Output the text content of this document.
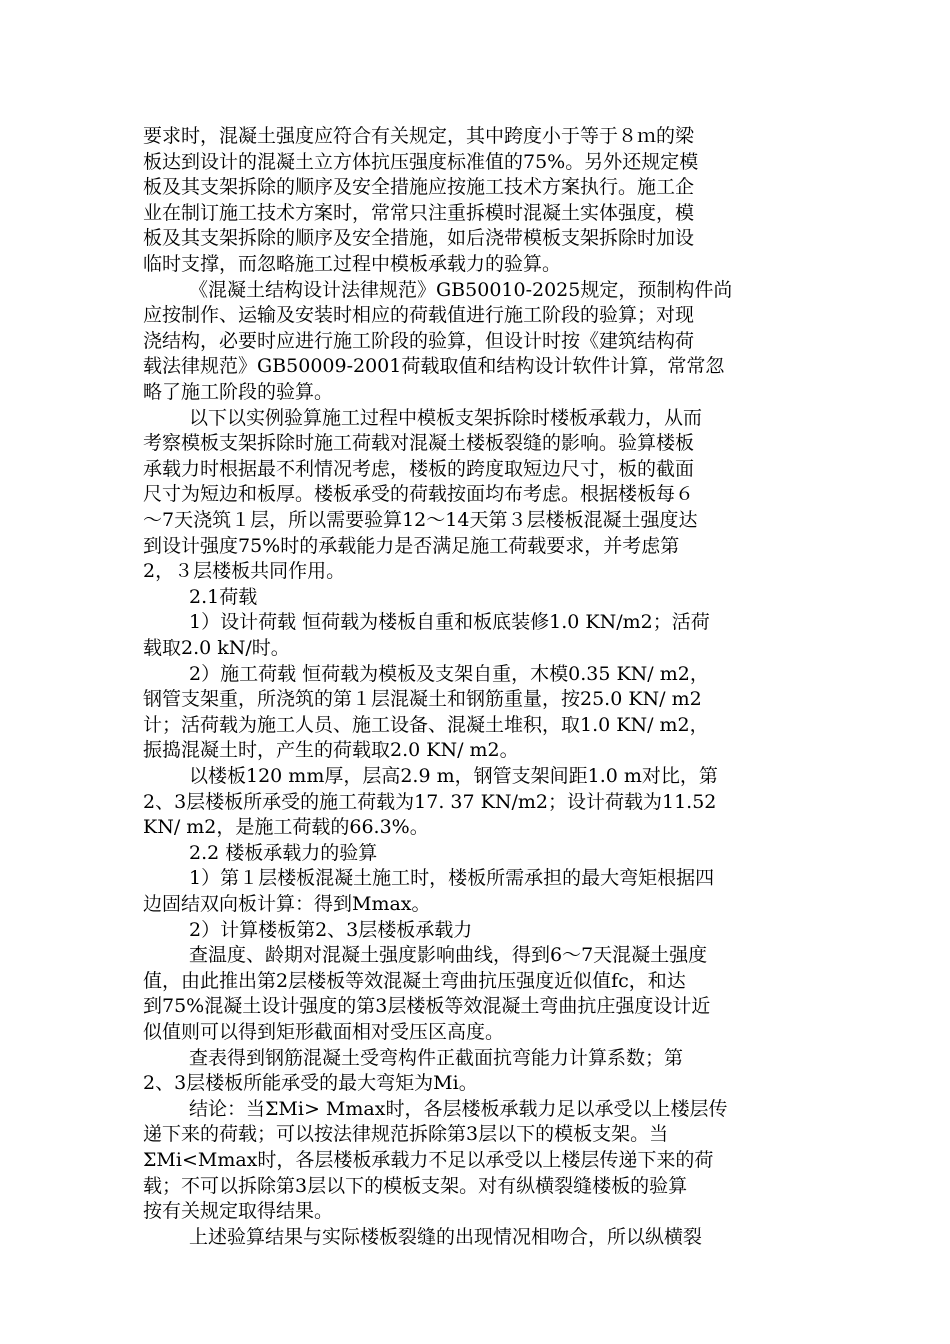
要求时，混凝土强度应符合有关规定，其中跨度小于等于８ｍ的梁
板达到设计的混凝土立方体抗压强度标准值的75%。另外还规定模
板及其支架拆除的顺序及安全措施应按施工技术方案执行。施工企
业在制订施工技术方案时，常常只注重拆模时混凝土实体强度，模
板及其支架拆除的顺序及安全措施，如后浇带模板支架拆除时加设
临时支撑，而忽略施工过程中模板承载力的验算。
《混凝土结构设计法律规范》GB50010-2025规定，预制构件尚
应按制作、运输及安装时相应的荷载值进行施工阶段的验算；对现
浇结构，必要时应进行施工阶段的验算，但设计时按《建筑结构荷
载法律规范》GB50009-2001荷载取值和结构设计软件计算，常常忽
略了施工阶段的验算。
以下以实例验算施工过程中模板支架拆除时楼板承载力，从而
考察模板支架拆除时施工荷载对混凝土楼板裂缝的影响。验算楼板
承载力时根据最不利情况考虑，楼板的跨度取短边尺寸，板的截面
尺寸为短边和板厚。楼板承受的荷载按面均布考虑。根据楼板每６
～7天浇筑１层，所以需要验算12～14天第３层楼板混凝土强度达
到设计强度75%时的承载能力是否满足施工荷载要求，并考虑第
2，３层楼板共同作用。
2.1荷载
1）设计荷载 恒荷载为楼板自重和板底装修1.0 KN/m2；活荷
载取2.0 kN/时。
2）施工荷载 恒荷载为模板及支架自重，木模0.35 KN/ m2，
钢管支架重，所浇筑的第１层混凝土和钢筋重量，按25.0 KN/ m2
计；活荷载为施工人员、施工设备、混凝土堆积，取1.0 KN/ m2，
振捣混凝土时，产生的荷载取2.0 KN/ m2。
以楼板120 mm厚，层高2.9 m，钢管支架间距1.0 m对比，第
2、3层楼板所承受的施工荷载为17. 37 KN/m2；设计荷载为11.52
KN/ m2，是施工荷载的66.3%。
2.2 楼板承载力的验算
1）第１层楼板混凝土施工时，楼板所需承担的最大弯矩根据四
边固结双向板计算：得到Mmax。
2）计算楼板第2、3层楼板承载力
查温度、龄期对混凝土强度影响曲线，得到6～7天混凝土强度
值，由此推出第2层楼板等效混凝土弯曲抗压强度近似值fc，和达
到75%混凝土设计强度的第3层楼板等效混凝土弯曲抗庄强度设计近
似值则可以得到矩形截面相对受压区高度。
查表得到钢筋混凝土受弯构件正截面抗弯能力计算系数；第
2、3层楼板所能承受的最大弯矩为Mi。
结论：当ΣMi> Mmax时，各层楼板承载力足以承受以上楼层传
递下来的荷载；可以按法律规范拆除第3层以下的模板支架。当
ΣMi<Mmax时，各层楼板承载力不足以承受以上楼层传递下来的荷
载；不可以拆除第3层以下的模板支架。对有纵横裂缝楼板的验算
按有关规定取得结果。
上述验算结果与实际楼板裂缝的出现情况相吻合，所以纵横裂
